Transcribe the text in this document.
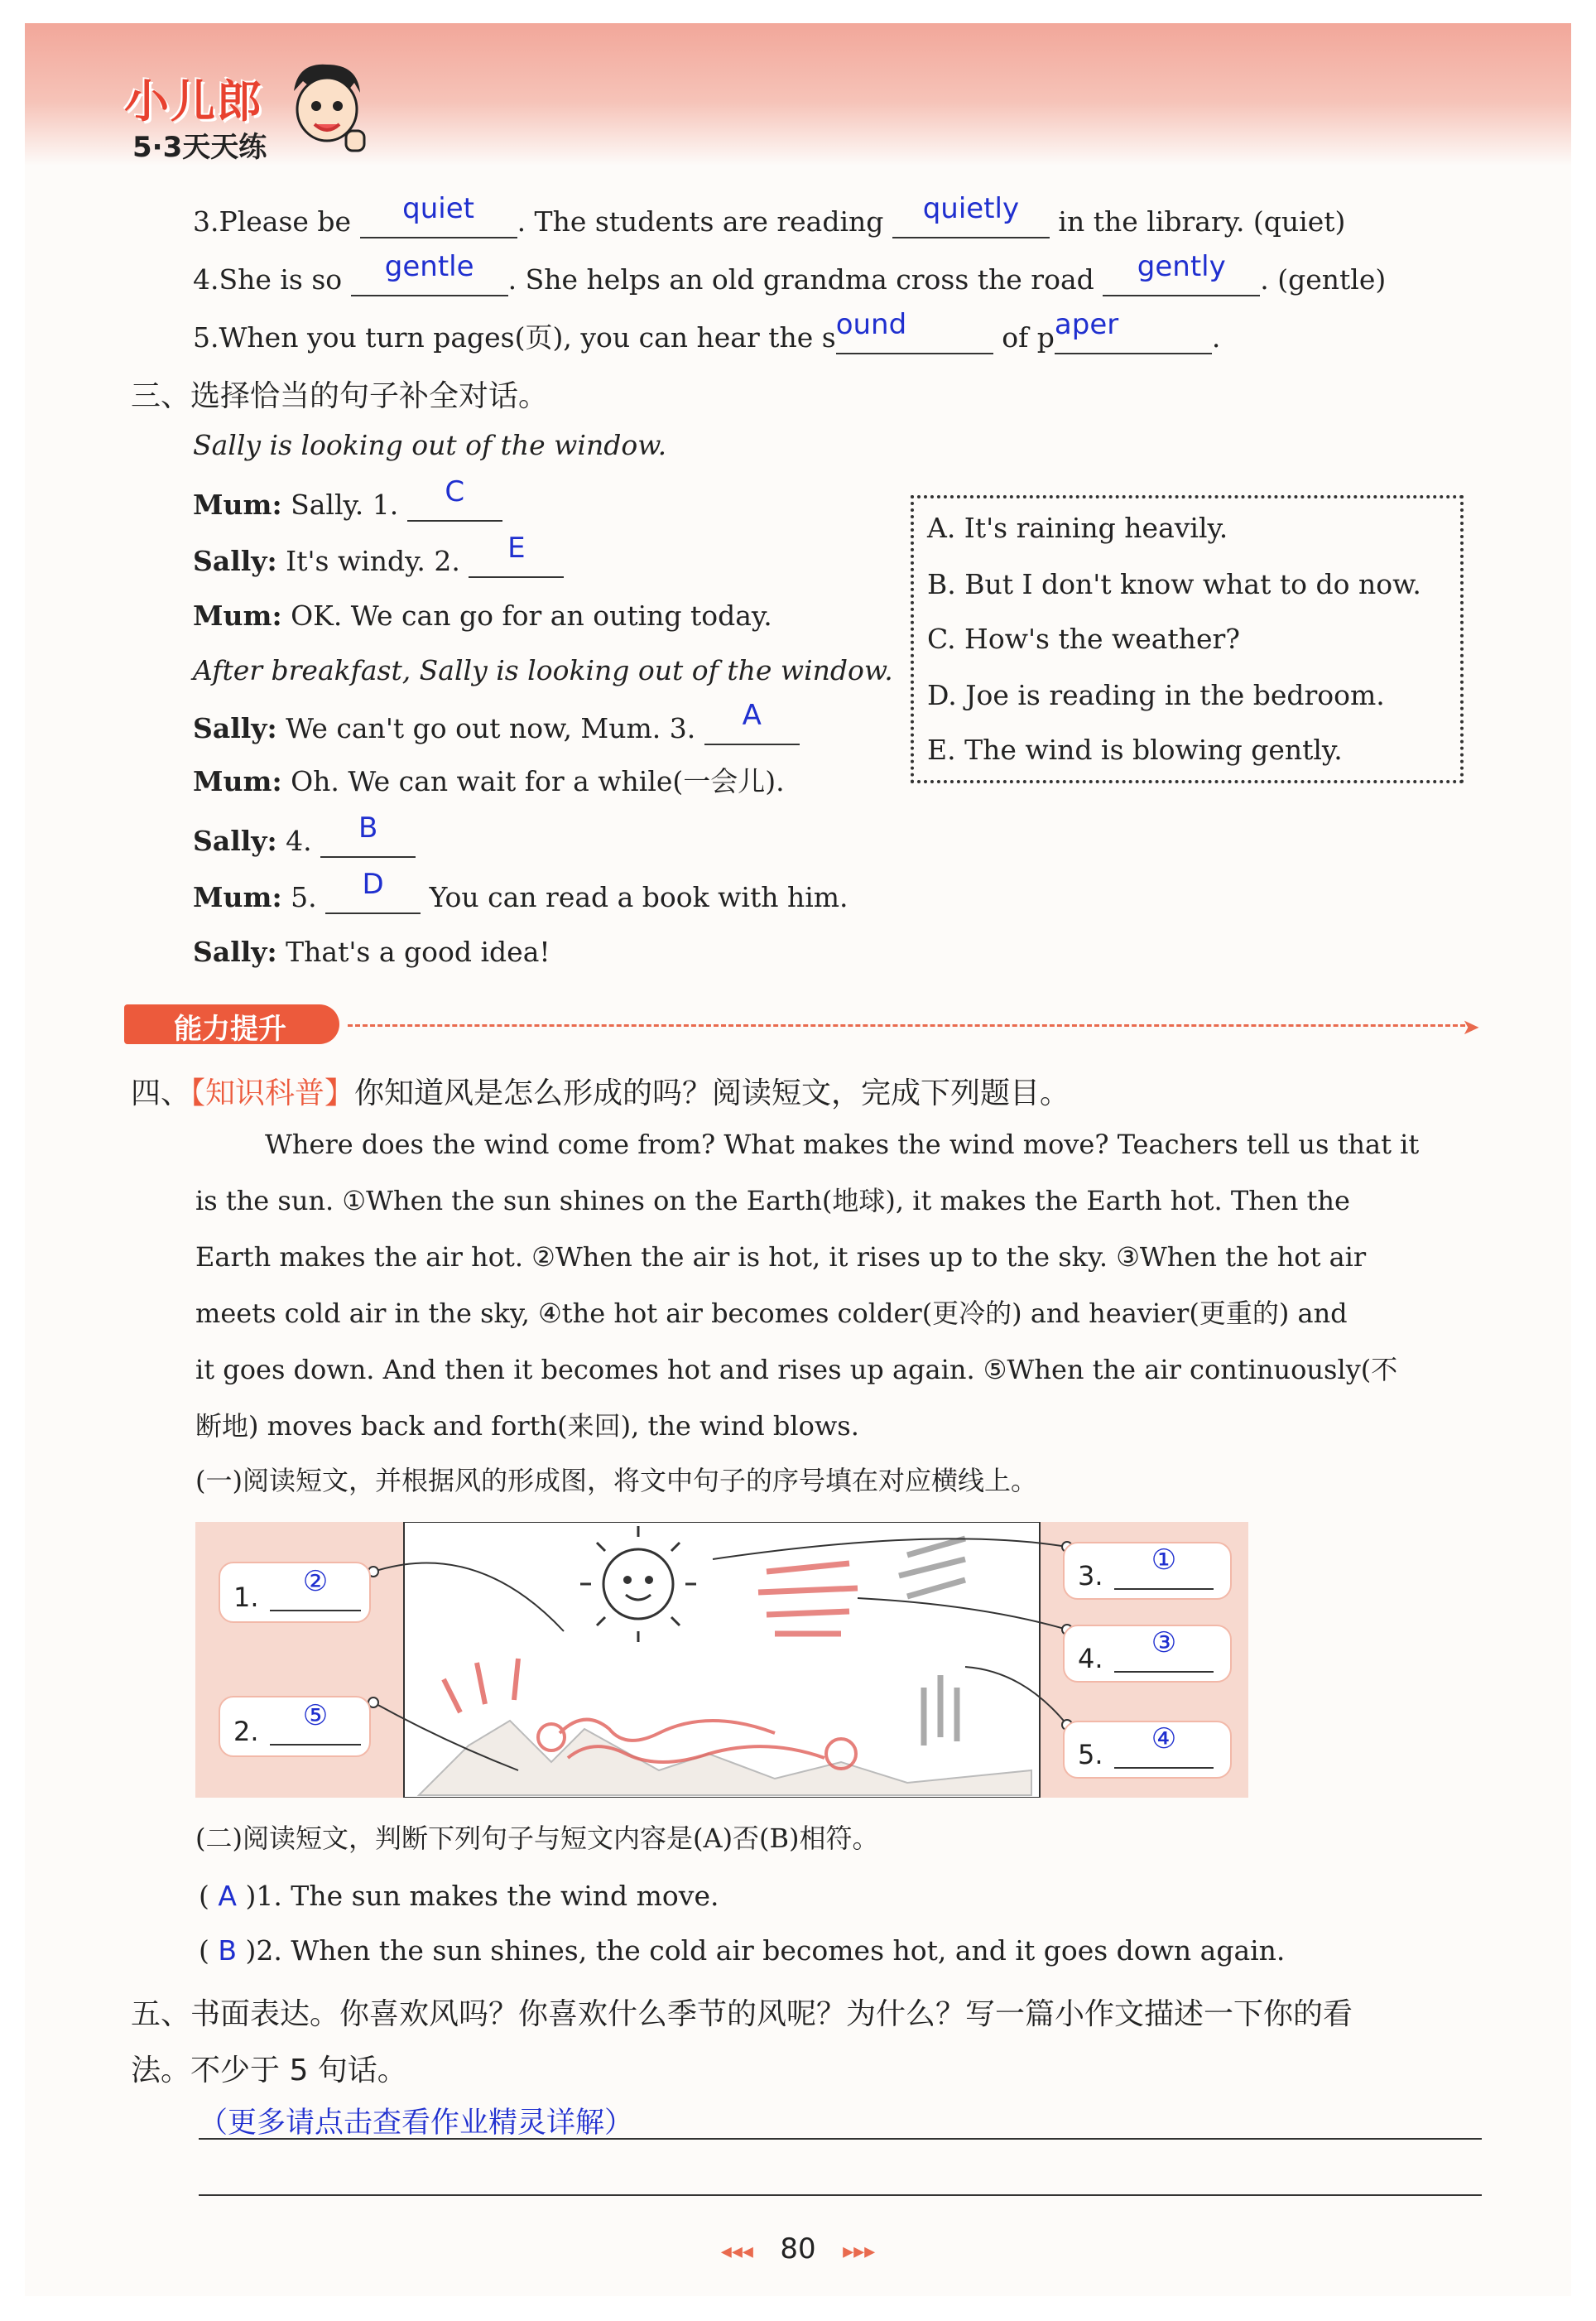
小儿郎
5·3天天练
3.Please be quiet . The students are reading quietly in the library. (quiet)
4.She is so gentle . She helps an old grandma cross the road gently . (gentle)
5.When you turn pages(页), you can hear the sound	of paper	.
三、选择恰当的句子补全对话。
Sally is looking out of the window.
Mum: Sally. 1. C
Sally: It's windy. 2. E
Mum: OK. We can go for an outing today.
After breakfast, Sally is looking out of the window.
Sally: We can't go out now, Mum. 3. A
Mum: Oh. We can wait for a while(一会儿).
Sally: 4. B
Mum: 5. D You can read a book with him.
Sally: That's a good idea!
A. It's raining heavily.
B. But I don't know what to do now.
C. How's the weather?
D. Joe is reading in the bedroom.
E. The wind is blowing gently.
能力提升	➤
四、【知识科普】你知道风是怎么形成的吗？阅读短文，完成下列题目。
Where does the wind come from? What makes the wind move? Teachers tell us that it
is the sun. ①When the sun shines on the Earth(地球), it makes the Earth hot. Then the
Earth makes the air hot. ②When the air is hot, it rises up to the sky. ③When the hot air
meets cold air in the sky, ④the hot air becomes colder(更冷的) and heavier(更重的) and
it goes down. And then it becomes hot and rises up again. ⑤When the air continuously(不
断地) moves back and forth(来回), the wind blows.
(一)阅读短文，并根据风的形成图，将文中句子的序号填在对应横线上。
1.	②
2.	⑤
3.	①
4.	③
5.	④
(二)阅读短文，判断下列句子与短文内容是(A)否(B)相符。
( A )1. The sun makes the wind move.
( B )2. When the sun shines, the cold air becomes hot, and it goes down again.
五、书面表达。你喜欢风吗？你喜欢什么季节的风呢？为什么？写一篇小作文描述一下你的看
法。不少于 5 句话。
（更多请点击查看作业精灵详解）
◂◂◂ 80 ▸▸▸
